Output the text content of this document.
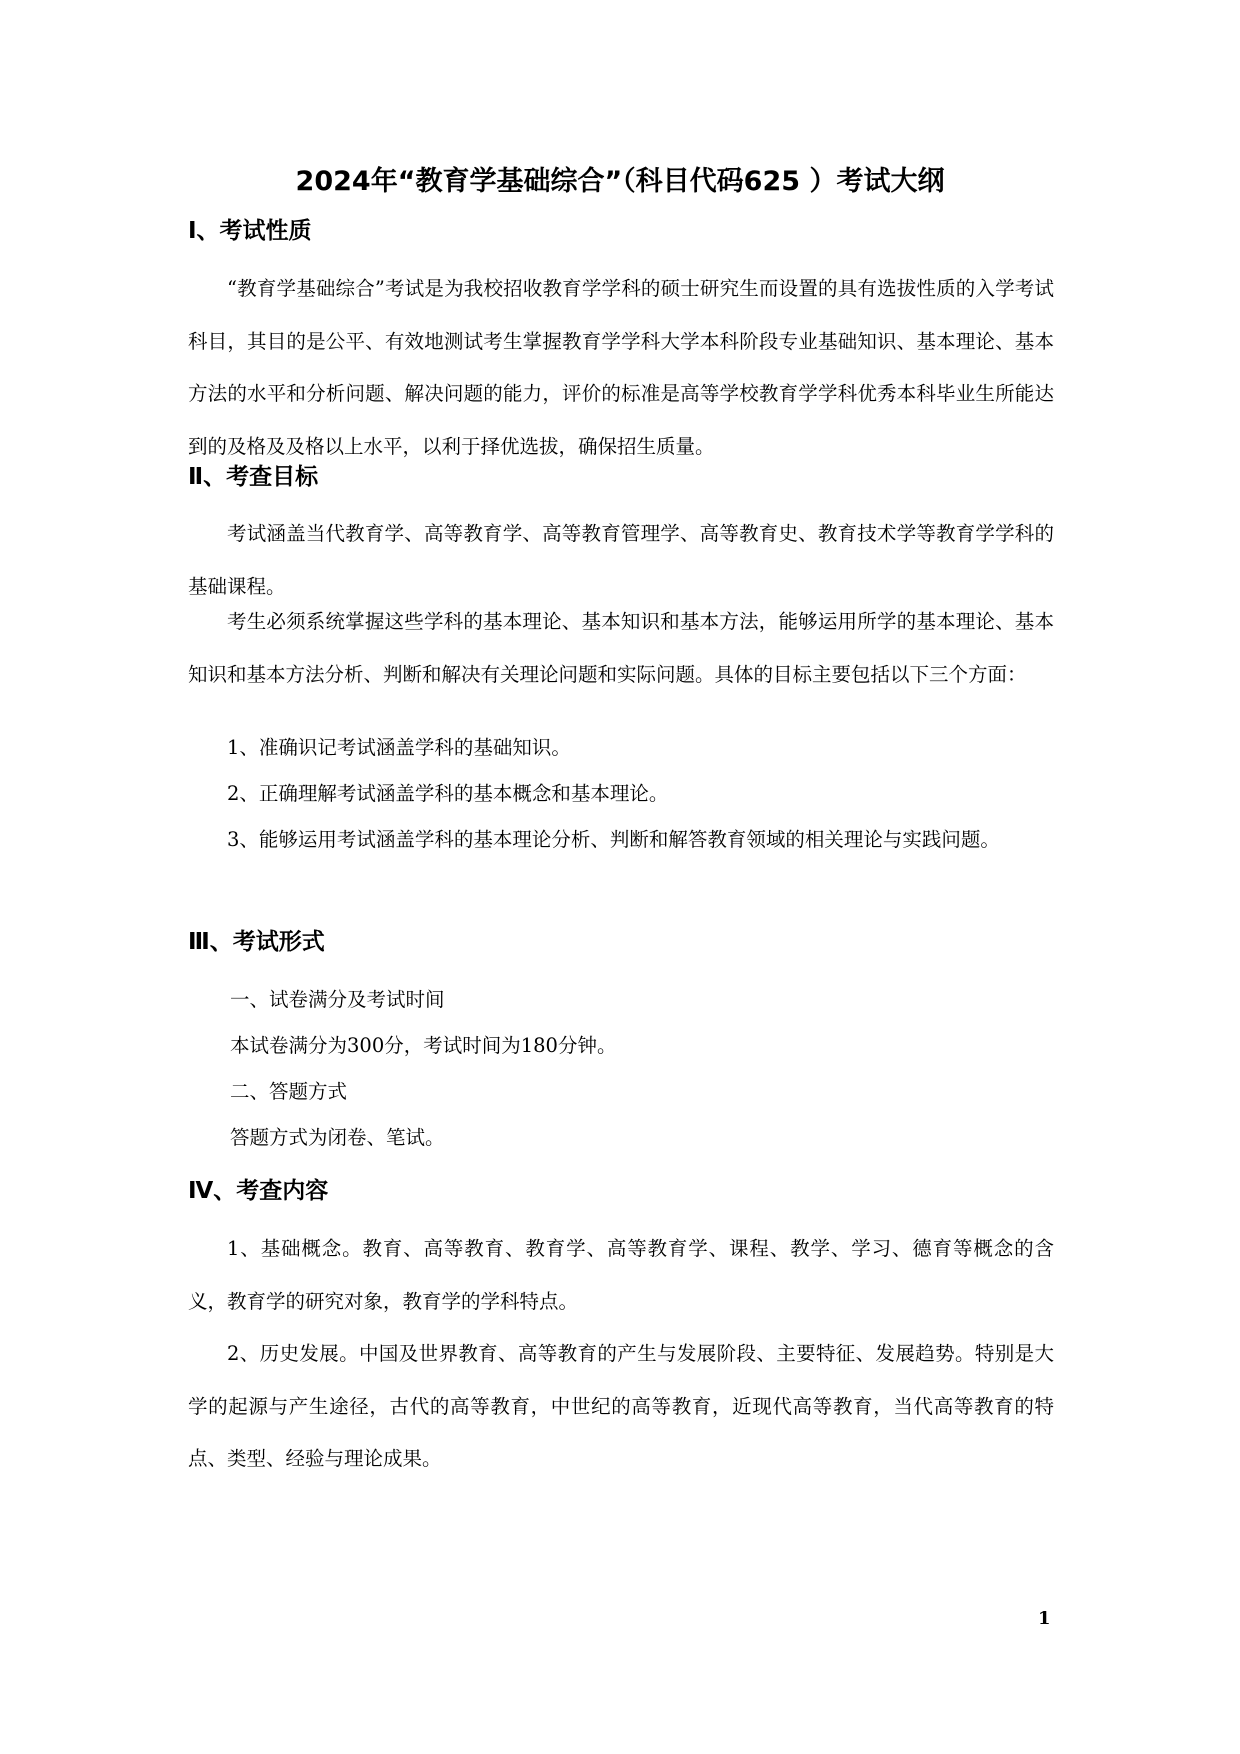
2024年“教育学基础综合”（科目代码625 ）考试大纲
Ⅰ、考试性质

“教育学基础综合”考试是为我校招收教育学学科的硕士研究生而设置的具有选拔性质的入学考试科目，其目的是公平、有效地测试考生掌握教育学学科大学本科阶段专业基础知识、基本理论、基本方法的水平和分析问题、解决问题的能力，评价的标准是高等学校教育学学科优秀本科毕业生所能达到的及格及及格以上水平，以利于择优选拔，确保招生质量。

Ⅱ、考查目标

考试涵盖当代教育学、高等教育学、高等教育管理学、高等教育史、教育技术学等教育学学科的基础课程。

考生必须系统掌握这些学科的基本理论、基本知识和基本方法，能够运用所学的基本理论、基本知识和基本方法分析、判断和解决有关理论问题和实际问题。具体的目标主要包括以下三个方面：

1、准确识记考试涵盖学科的基础知识。

2、正确理解考试涵盖学科的基本概念和基本理论。

3、能够运用考试涵盖学科的基本理论分析、判断和解答教育领域的相关理论与实践问题。

Ⅲ、考试形式
一、试卷满分及考试时间
本试卷满分为300分，考试时间为180分钟。
二、答题方式
答题方式为闭卷、笔试。
Ⅳ、考查内容

1、基础概念。教育、高等教育、教育学、高等教育学、课程、教学、学习、德育等概念的含义，教育学的研究对象，教育学的学科特点。

2、历史发展。中国及世界教育、高等教育的产生与发展阶段、主要特征、发展趋势。特别是大学的起源与产生途径，古代的高等教育，中世纪的高等教育，近现代高等教育，当代高等教育的特点、类型、经验与理论成果。

1
